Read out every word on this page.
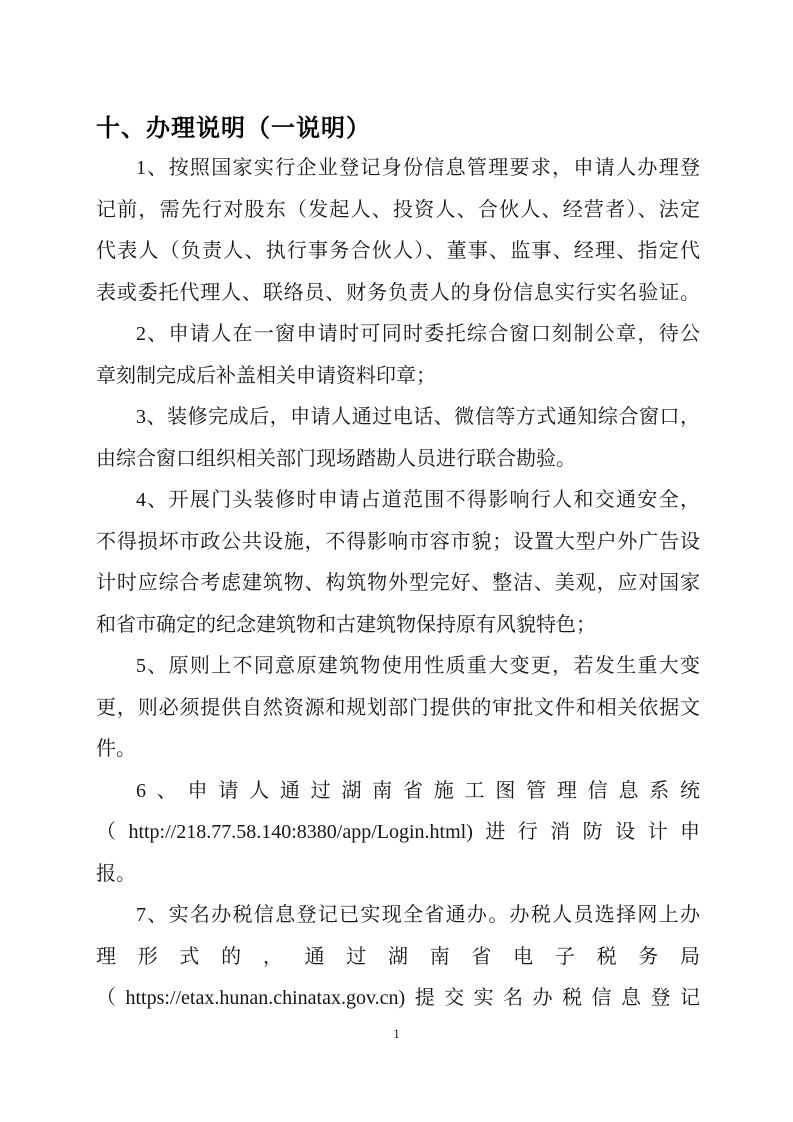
十、办理说明（一说明）
1、按照国家实行企业登记身份信息管理要求，申请人办理登
记前，需先行对股东（发起人、投资人、合伙人、经营者）、法定
代表人（负责人、执行事务合伙人）、董事、监事、经理、指定代
表或委托代理人、联络员、财务负责人的身份信息实行实名验证。
2、申请人在一窗申请时可同时委托综合窗口刻制公章，待公
章刻制完成后补盖相关申请资料印章；
3、装修完成后，申请人通过电话、微信等方式通知综合窗口，
由综合窗口组织相关部门现场踏勘人员进行联合勘验。
4、开展门头装修时申请占道范围不得影响行人和交通安全，
不得损坏市政公共设施，不得影响市容市貌；设置大型户外广告设
计时应综合考虑建筑物、构筑物外型完好、整洁、美观，应对国家
和省市确定的纪念建筑物和古建筑物保持原有风貌特色；
5、原则上不同意原建筑物使用性质重大变更，若发生重大变
更，则必须提供自然资源和规划部门提供的审批文件和相关依据文
件。
6、申请人通过湖南省施工图管理信息系统
（http://218.77.58.140:8380/app/Login.html)进行消防设计申
报。
7、实名办税信息登记已实现全省通办。办税人员选择网上办
理形式的，通过湖南省电子税务局
（https://etax.hunan.chinatax.gov.cn)提交实名办税信息登记
1
